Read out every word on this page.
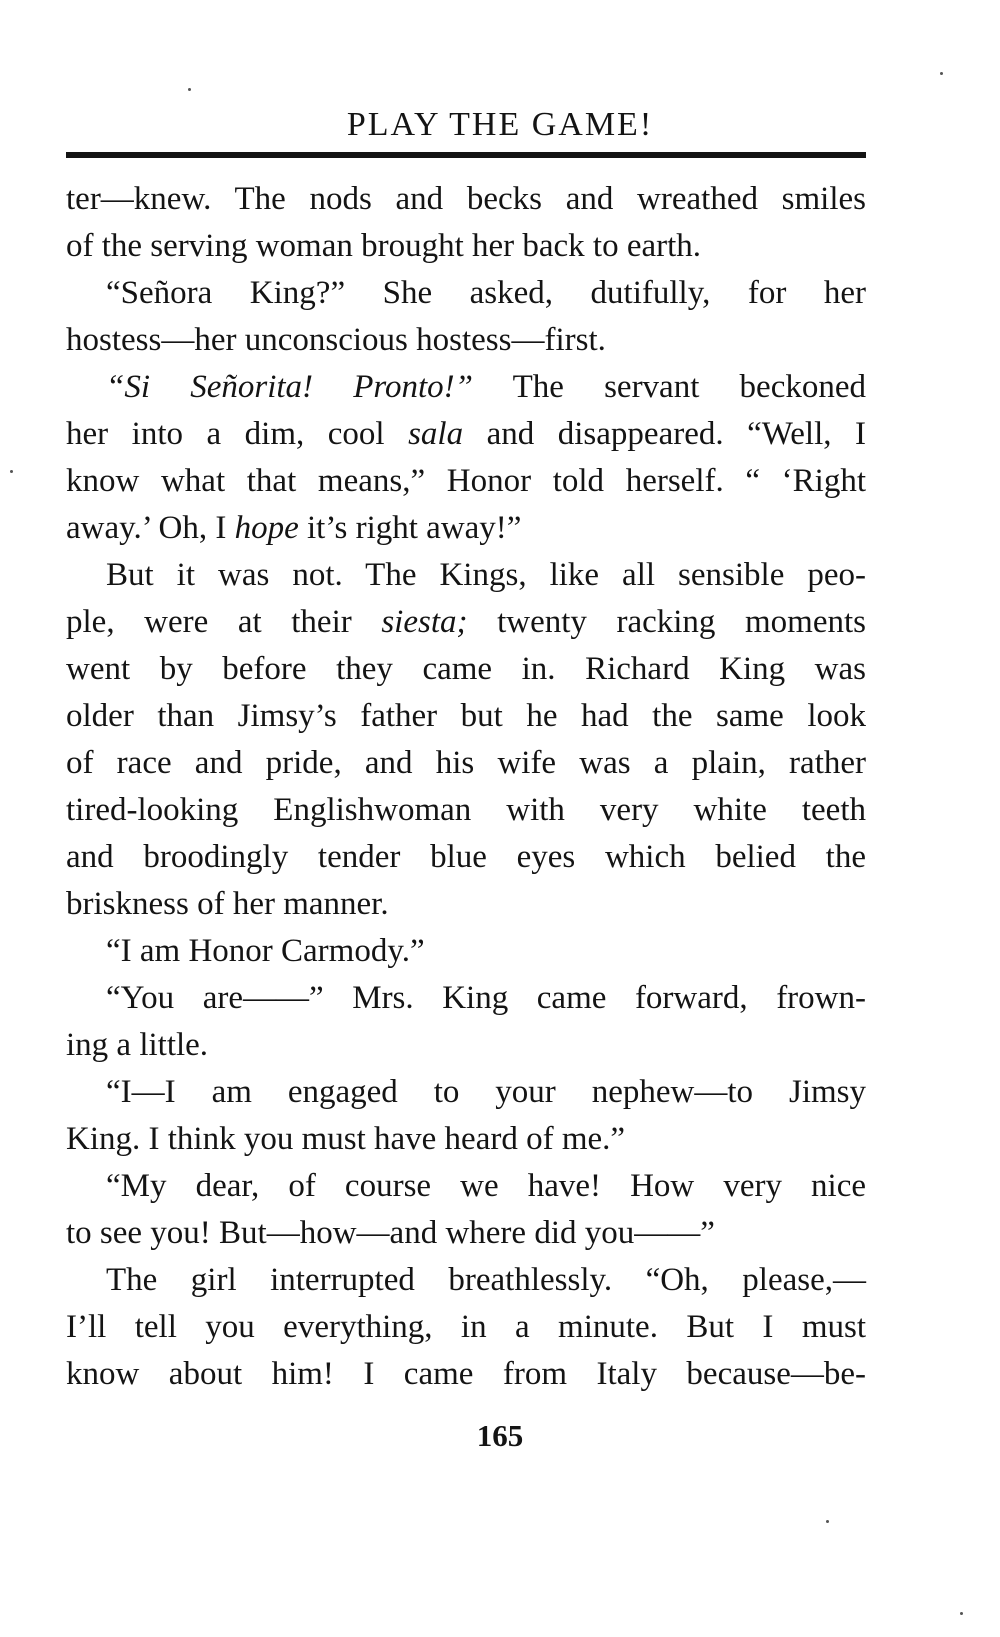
PLAY THE GAME!
ter—knew. The nods and becks and wreathed smiles
of the serving woman brought her back to earth.
“Señora King?” She asked, dutifully, for her
hostess—her unconscious hostess—first.
“Si Señorita! Pronto!” The servant beckoned
her into a dim, cool sala and disappeared. “Well, I
know what that means,” Honor told herself. “ ‘Right
away.’ Oh, I hope it’s right away!”
But it was not. The Kings, like all sensible peo-
ple, were at their siesta; twenty racking moments
went by before they came in. Richard King was
older than Jimsy’s father but he had the same look
of race and pride, and his wife was a plain, rather
tired-looking Englishwoman with very white teeth
and broodingly tender blue eyes which belied the
briskness of her manner.
“I am Honor Carmody.”
“You are——” Mrs. King came forward, frown-
ing a little.
“I—I am engaged to your nephew—to Jimsy
King. I think you must have heard of me.”
“My dear, of course we have! How very nice
to see you! But—how—and where did you——”
The girl interrupted breathlessly. “Oh, please,—
I’ll tell you everything, in a minute. But I must
know about him! I came from Italy because—be-
165
